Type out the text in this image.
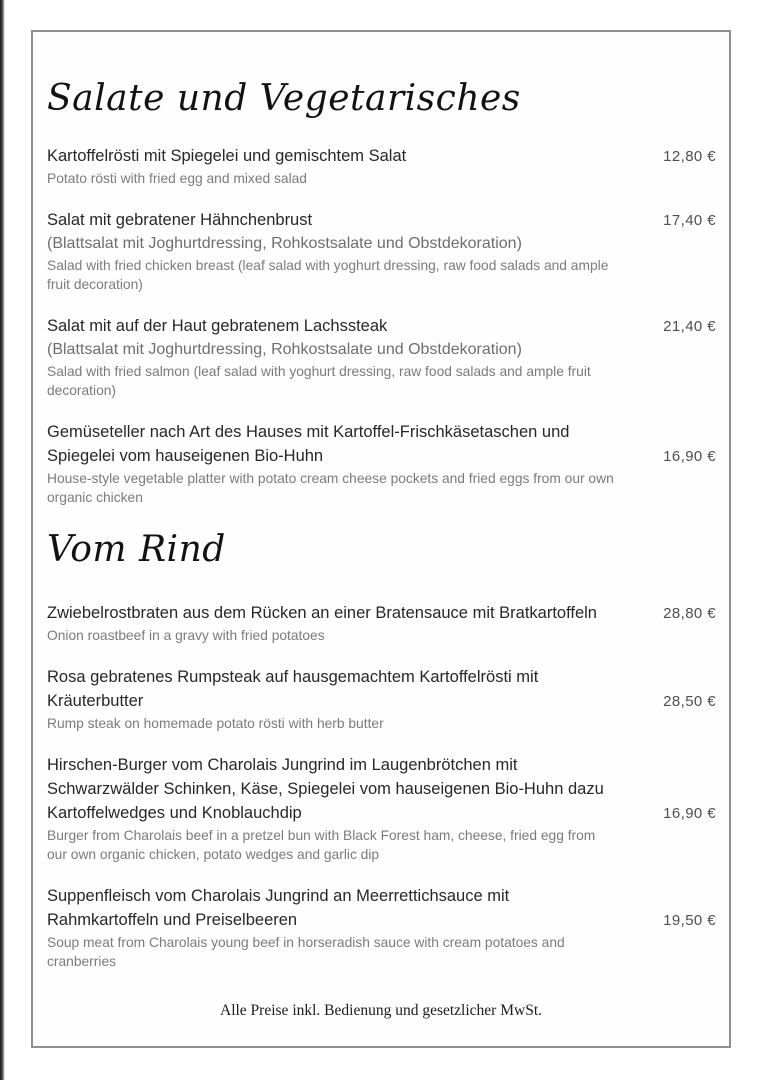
Salate und Vegetarisches
Kartoffelrösti mit Spiegelei und gemischtem Salat	12,80 €
Potato rösti with fried egg and mixed salad
Salat mit gebratener Hähnchenbrust	17,40 €
(Blattsalat mit Joghurtdressing, Rohkostsalate und Obstdekoration)
Salad with fried chicken breast (leaf salad with yoghurt dressing, raw food salads and ample fruit decoration)
Salat mit auf der Haut gebratenem Lachssteak	21,40 €
(Blattsalat mit Joghurtdressing, Rohkostsalate und Obstdekoration)
Salad with fried salmon (leaf salad with yoghurt dressing, raw food salads and ample fruit decoration)
Gemüseteller nach Art des Hauses mit Kartoffel-Frischkäsetaschen und Spiegelei vom hauseigenen Bio-Huhn	16,90 €
House-style vegetable platter with potato cream cheese pockets and fried eggs from our own organic chicken
Vom Rind
Zwiebelrostbraten aus dem Rücken an einer Bratensauce mit Bratkartoffeln	28,80 €
Onion roastbeef in a gravy with fried potatoes
Rosa gebratenes Rumpsteak auf hausgemachtem Kartoffelrösti mit Kräuterbutter	28,50 €
Rump steak on homemade potato rösti with herb butter
Hirschen-Burger vom Charolais Jungrind im Laugenbrötchen mit Schwarzwälder Schinken, Käse, Spiegelei vom hauseigenen Bio-Huhn dazu Kartoffelwedges und Knoblauchdip	16,90 €
Burger from Charolais beef in a pretzel bun with Black Forest ham, cheese, fried egg from our own organic chicken, potato wedges and garlic dip
Suppenfleisch vom Charolais Jungrind an Meerrettichsauce mit Rahmkartoffeln und Preiselbeeren	19,50 €
Soup meat from Charolais young beef in horseradish sauce with cream potatoes and cranberries
Alle Preise inkl. Bedienung und gesetzlicher MwSt.
